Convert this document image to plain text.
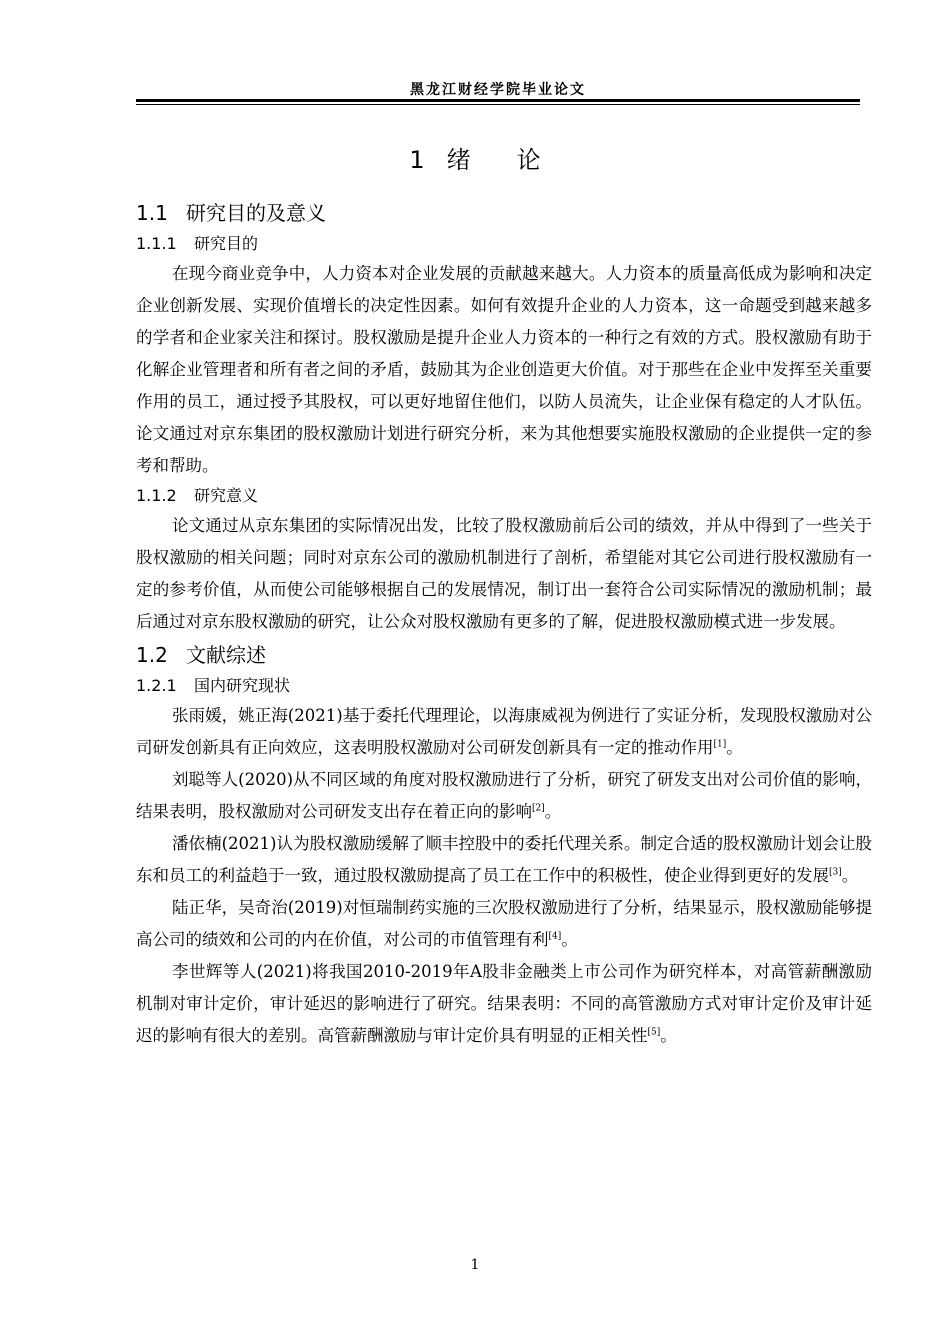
黑龙江财经学院毕业论文
1 绪 论
1.1 研究目的及意义
1.1.1 研究目的

在现今商业竞争中，人力资本对企业发展的贡献越来越大。人力资本的质量高低成为影响和决定企业创新发展、实现价值增长的决定性因素。如何有效提升企业的人力资本，这一命题受到越来越多的学者和企业家关注和探讨。股权激励是提升企业人力资本的一种行之有效的方式。股权激励有助于化解企业管理者和所有者之间的矛盾，鼓励其为企业创造更大价值。对于那些在企业中发挥至关重要作用的员工，通过授予其股权，可以更好地留住他们，以防人员流失，让企业保有稳定的人才队伍。论文通过对京东集团的股权激励计划进行研究分析，来为其他想要实施股权激励的企业提供一定的参考和帮助。

1.1.2 研究意义

论文通过从京东集团的实际情况出发，比较了股权激励前后公司的绩效，并从中得到了一些关于股权激励的相关问题；同时对京东公司的激励机制进行了剖析，希望能对其它公司进行股权激励有一定的参考价值，从而使公司能够根据自己的发展情况，制订出一套符合公司实际情况的激励机制；最后通过对京东股权激励的研究，让公众对股权激励有更多的了解，促进股权激励模式进一步发展。

1.2 文献综述
1.2.1 国内研究现状

张雨媛，姚正海(2021)基于委托代理理论，以海康威视为例进行了实证分析，发现股权激励对公司研发创新具有正向效应，这表明股权激励对公司研发创新具有一定的推动作用[1]。

刘聪等人(2020)从不同区域的角度对股权激励进行了分析，研究了研发支出对公司价值的影响，结果表明，股权激励对公司研发支出存在着正向的影响[2]。

潘依楠(2021)认为股权激励缓解了顺丰控股中的委托代理关系。制定合适的股权激励计划会让股东和员工的利益趋于一致，通过股权激励提高了员工在工作中的积极性，使企业得到更好的发展[3]。

陆正华，吴奇治(2019)对恒瑞制药实施的三次股权激励进行了分析，结果显示，股权激励能够提高公司的绩效和公司的内在价值，对公司的市值管理有利[4]。

李世辉等人(2021)将我国2010-2019年A股非金融类上市公司作为研究样本，对高管薪酬激励机制对审计定价，审计延迟的影响进行了研究。结果表明：不同的高管激励方式对审计定价及审计延迟的影响有很大的差别。高管薪酬激励与审计定价具有明显的正相关性[5]。

1
